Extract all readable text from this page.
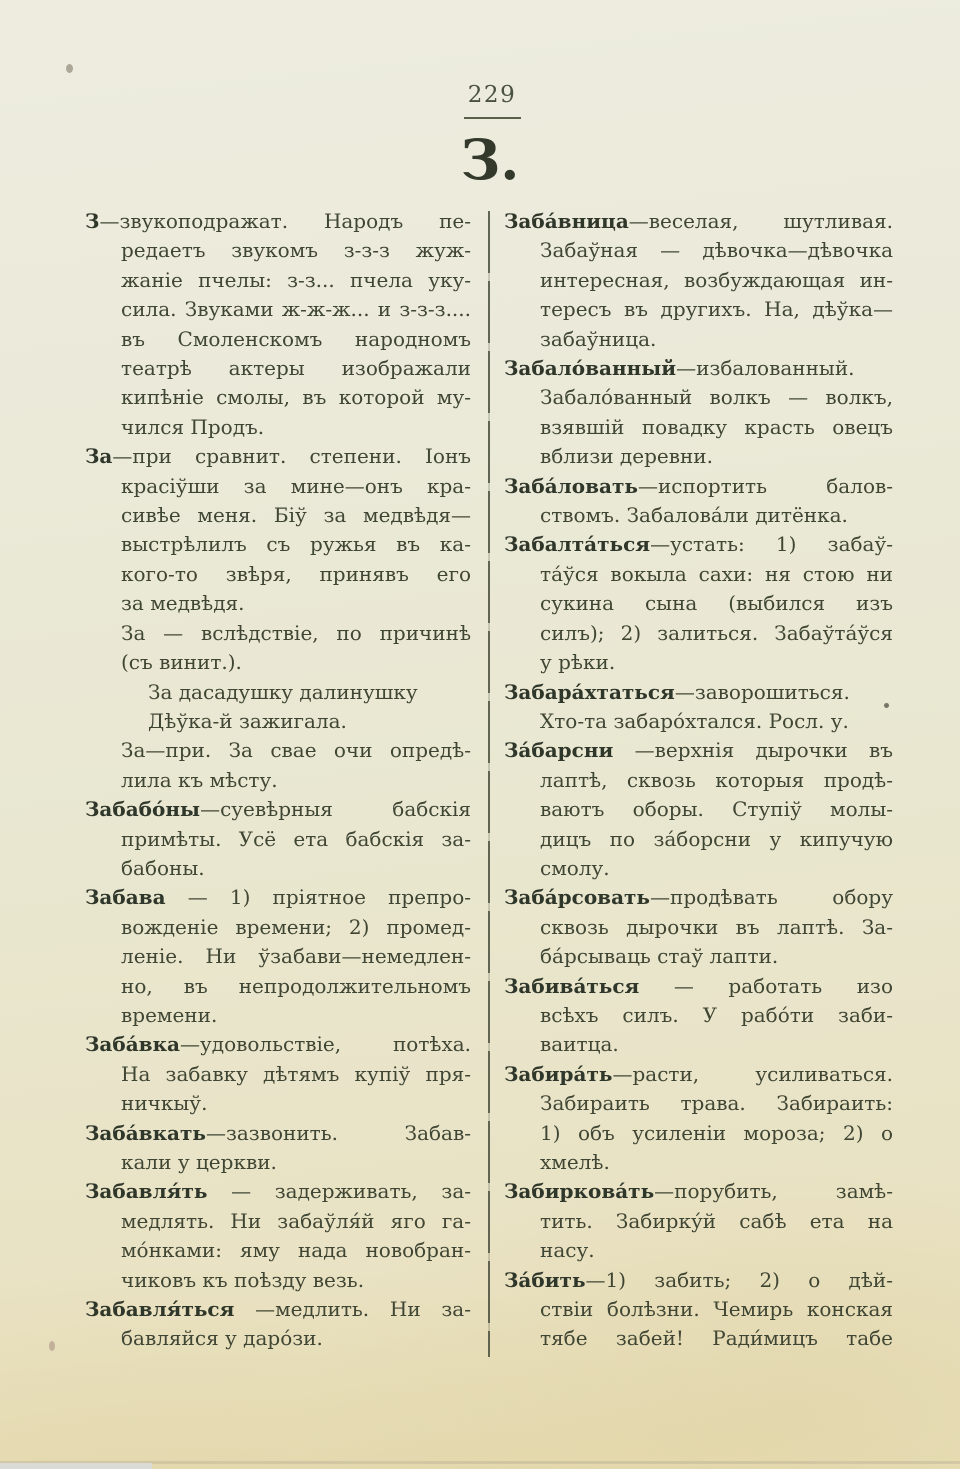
229
З.
З—звукоподражат. Народъ пе-
редаетъ звукомъ з-з-з жуж-
жаніе пчелы: з-з... пчела уку-
сила. Звуками ж-ж-ж... и з-з-з....
въ Смоленскомъ народномъ
театрѣ актеры изображали
кипѣніе смолы, въ которой му-
чился Продъ.
За—при сравнит. степени. Іонъ
красіўши за мине—онъ кра-
сивѣе меня. Біў за медвѣдя—
выстрѣлилъ съ ружья въ ка-
кого-то звѣря, принявъ его
за медвѣдя.
За — вслѣдствіе, по причинѣ
(съ винит.).
За дасадушку далинушку
Дѣўка-й зажигала.
За—при. За свае очи опредѣ-
лила къ мѣсту.
Забабо́ны—суевѣрныя бабскія
примѣты. Усё ета бабскія за-
бабоны.
Забава — 1) пріятное препро-
вожденіе времени; 2) промед-
леніе. Ни ўзабави—немедлен-
но, въ непродолжительномъ
времени.
Заба́вка—удовольствіе, потѣха.
На забавку дѣтямъ купіў пря-
ничкыў.
Заба́вкать—зазвонить. Забав-
кали у церкви.
Забавля́ть — задерживать, за-
медлять. Ни забаўля́й яго га-
мо́нками: яму нада новобран-
чиковъ къ поѣзду везь.
Забавля́ться —медлить. Ни за-
бавляйся у даро́зи.
Заба́вница—веселая, шутливая.
Забаўная — дѣвочка—дѣвочка
интересная, возбуждающая ин-
тересъ въ другихъ. На, дѣўка—
забаўница.
Забало́ванный—избалованный.
Забало́ванный волкъ — волкъ,
взявшій повадку красть овецъ
вблизи деревни.
Заба́ловать—испортить балов-
ствомъ. Забалова́ли дитёнка.
Забалта́ться—устать: 1) забаў-
та́ўся вокыла сахи: ня стою ни
сукина сына (выбился изъ
силъ); 2) залиться. Забаўта́ўся
у рѣки.
Забара́хтаться—заворошиться.
Хто-та забаро́хтался. Росл. у.
За́барсни —верхнія дырочки въ
лаптѣ, сквозь которыя продѣ-
ваютъ оборы. Ступіў молы-
дицъ по за́борсни у кипучую
смолу.
Заба́рсовать—продѣвать обору
сквозь дырочки въ лаптѣ. За-
ба́рсываць стаў лапти.
Забива́ться — работать изо
всѣхъ силъ. У рабо́ти заби-
ваитца.
Забира́ть—расти, усиливаться.
Забираить трава. Забираить:
1) объ усиленіи мороза; 2) о
хмелѣ.
Забиркова́ть—порубить, замѣ-
тить. Забирку́й сабѣ ета на
насу.
За́бить—1) забить; 2) о дѣй-
ствіи болѣзни. Чемирь конская
тябе забей! Ради́мицъ табе
